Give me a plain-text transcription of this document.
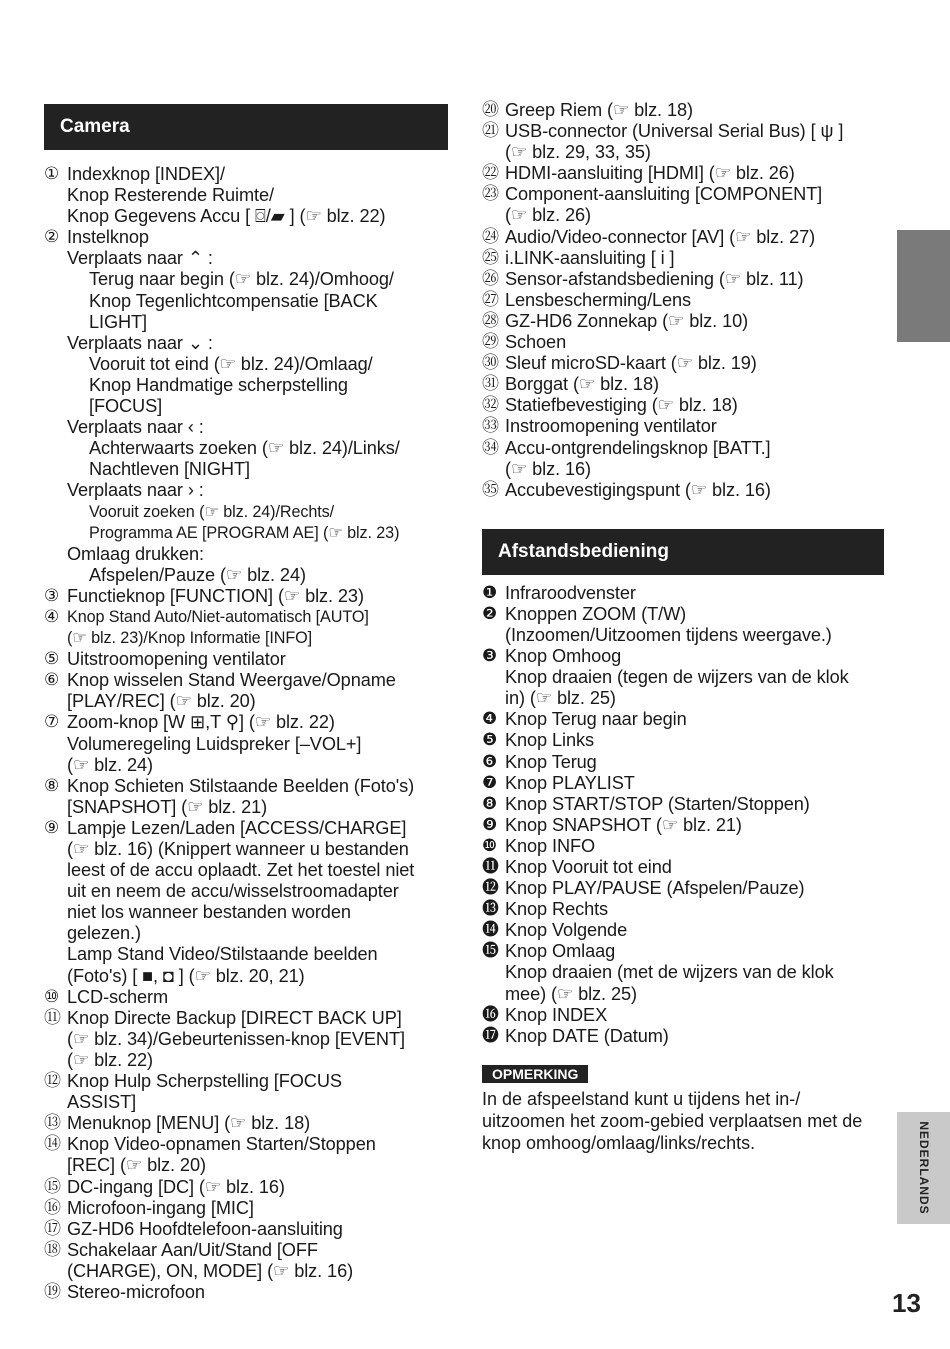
Camera
① Indexknop [INDEX]/
Knop Resterende Ruimte/
Knop Gegevens Accu [ ⌼/▰ ] (☞ blz. 22)
② Instelknop
Verplaats naar ⌃ :
Terug naar begin (☞ blz. 24)/Omhoog/
Knop Tegenlichtcompensatie [BACK
LIGHT]
Verplaats naar ⌄ :
Vooruit tot eind (☞ blz. 24)/Omlaag/
Knop Handmatige scherpstelling
[FOCUS]
Verplaats naar ‹ :
Achterwaarts zoeken (☞ blz. 24)/Links/
Nachtleven [NIGHT]
Verplaats naar › :
Vooruit zoeken (☞ blz. 24)/Rechts/
Programma AE [PROGRAM AE] (☞ blz. 23)
Omlaag drukken:
Afspelen/Pauze (☞ blz. 24)
③ Functieknop [FUNCTION] (☞ blz. 23)
④ Knop Stand Auto/Niet-automatisch [AUTO]
(☞ blz. 23)/Knop Informatie [INFO]
⑤ Uitstroomopening ventilator
⑥ Knop wisselen Stand Weergave/Opname
[PLAY/REC] (☞ blz. 20)
⑦ Zoom-knop [W ⊞,T ⚲] (☞ blz. 22)
Volumeregeling Luidspreker [–VOL+]
(☞ blz. 24)
⑧ Knop Schieten Stilstaande Beelden (Foto's)
[SNAPSHOT] (☞ blz. 21)
⑨ Lampje Lezen/Laden [ACCESS/CHARGE]
(☞ blz. 16) (Knippert wanneer u bestanden
leest of de accu oplaadt. Zet het toestel niet
uit en neem de accu/wisselstroomadapter
niet los wanneer bestanden worden
gelezen.)
Lamp Stand Video/Stilstaande beelden
(Foto's) [ ■, ◘ ] (☞ blz. 20, 21)
⑩ LCD-scherm
⑪ Knop Directe Backup [DIRECT BACK UP]
(☞ blz. 34)/Gebeurtenissen-knop [EVENT]
(☞ blz. 22)
⑫ Knop Hulp Scherpstelling [FOCUS
ASSIST]
⑬ Menuknop [MENU] (☞ blz. 18)
⑭ Knop Video-opnamen Starten/Stoppen
[REC] (☞ blz. 20)
⑮ DC-ingang [DC] (☞ blz. 16)
⑯ Microfoon-ingang [MIC]
⑰ GZ-HD6 Hoofdtelefoon-aansluiting
⑱ Schakelaar Aan/Uit/Stand [OFF
(CHARGE), ON, MODE] (☞ blz. 16)
⑲ Stereo-microfoon
⑳ Greep Riem (☞ blz. 18)
㉑ USB-connector (Universal Serial Bus) [ ψ ]
(☞ blz. 29, 33, 35)
㉒ HDMI-aansluiting [HDMI] (☞ blz. 26)
㉓ Component-aansluiting [COMPONENT]
(☞ blz. 26)
㉔ Audio/Video-connector [AV] (☞ blz. 27)
㉕ i.LINK-aansluiting [ i ]
㉖ Sensor-afstandsbediening (☞ blz. 11)
㉗ Lensbescherming/Lens
㉘ GZ-HD6 Zonnekap (☞ blz. 10)
㉙ Schoen
㉚ Sleuf microSD-kaart (☞ blz. 19)
㉛ Borggat (☞ blz. 18)
㉜ Statiefbevestiging (☞ blz. 18)
㉝ Instroomopening ventilator
㉞ Accu-ontgrendelingsknop [BATT.]
(☞ blz. 16)
㉟ Accubevestigingspunt (☞ blz. 16)
Afstandsbediening
❶ Infraroodvenster
❷ Knoppen ZOOM (T/W)
(Inzoomen/Uitzoomen tijdens weergave.)
❸ Knop Omhoog
Knop draaien (tegen de wijzers van de klok
in) (☞ blz. 25)
❹ Knop Terug naar begin
❺ Knop Links
❻ Knop Terug
❼ Knop PLAYLIST
❽ Knop START/STOP (Starten/Stoppen)
❾ Knop SNAPSHOT (☞ blz. 21)
❿ Knop INFO
⓫ Knop Vooruit tot eind
⓬ Knop PLAY/PAUSE (Afspelen/Pauze)
⓭ Knop Rechts
⓮ Knop Volgende
⓯ Knop Omlaag
Knop draaien (met de wijzers van de klok
mee) (☞ blz. 25)
⓰ Knop INDEX
⓱ Knop DATE (Datum)
OPMERKING
In de afspeelstand kunt u tijdens het in-/ uitzoomen het zoom-gebied verplaatsen met de knop omhoog/omlaag/links/rechts.	NEDERLANDS
13
